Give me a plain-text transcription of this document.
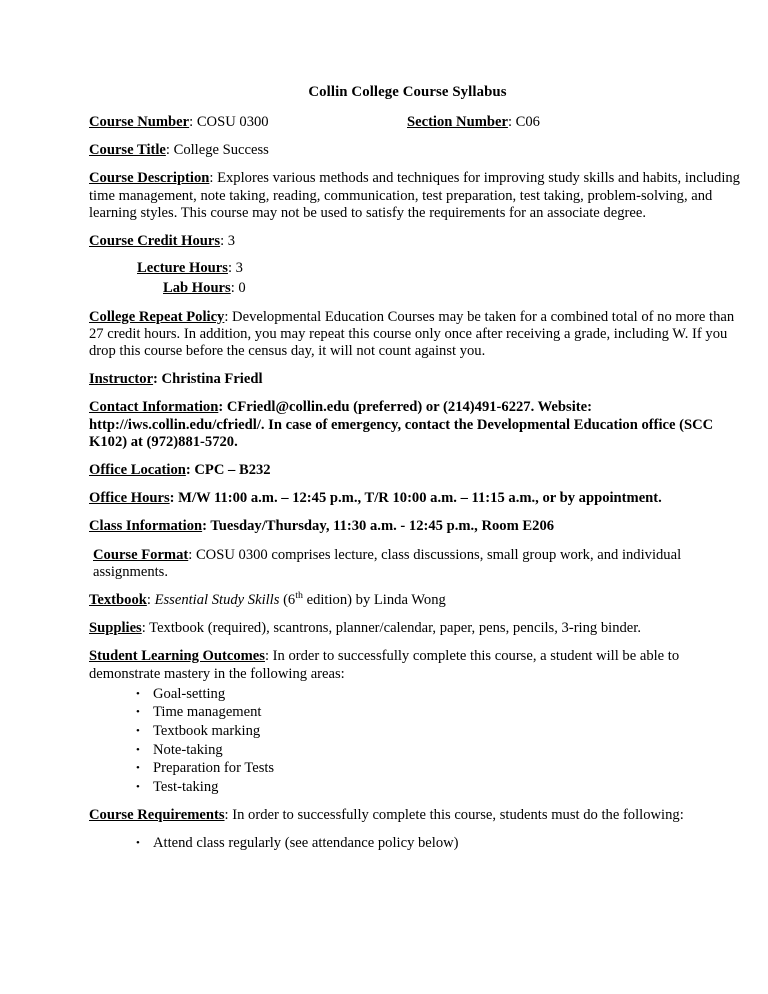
Collin College Course Syllabus
Course Number: COSU 0300	Section Number: C06

Course Title: College Success

Course Description: Explores various methods and techniques for improving study skills and habits, including time management, note taking, reading, communication, test preparation, test taking, problem-solving, and learning styles. This course may not be used to satisfy the requirements for an associate degree.

Course Credit Hours: 3

Lecture Hours: 3

Lab Hours: 0

College Repeat Policy: Developmental Education Courses may be taken for a combined total of no more than 27 credit hours. In addition, you may repeat this course only once after receiving a grade, including W. If you drop this course before the census day, it will not count against you.

Instructor: Christina Friedl

Contact Information: CFriedl@collin.edu (preferred) or (214)491-6227. Website: http://iws.collin.edu/cfriedl/. In case of emergency, contact the Developmental Education office (SCC K102) at (972)881-5720.

Office Location: CPC – B232

Office Hours: M/W 11:00 a.m. – 12:45 p.m., T/R 10:00 a.m. – 11:15 a.m., or by appointment.

Class Information: Tuesday/Thursday, 11:30 a.m. - 12:45 p.m., Room E206

Course Format: COSU 0300 comprises lecture, class discussions, small group work, and individual assignments.

Textbook: Essential Study Skills (6th edition) by Linda Wong

Supplies: Textbook (required), scantrons, planner/calendar, paper, pens, pencils, 3-ring binder.

Student Learning Outcomes: In order to successfully complete this course, a student will be able to demonstrate mastery in the following areas:

• Goal-setting
• Time management
• Textbook marking
• Note-taking
• Preparation for Tests
• Test-taking

Course Requirements: In order to successfully complete this course, students must do the following:

• Attend class regularly (see attendance policy below)
